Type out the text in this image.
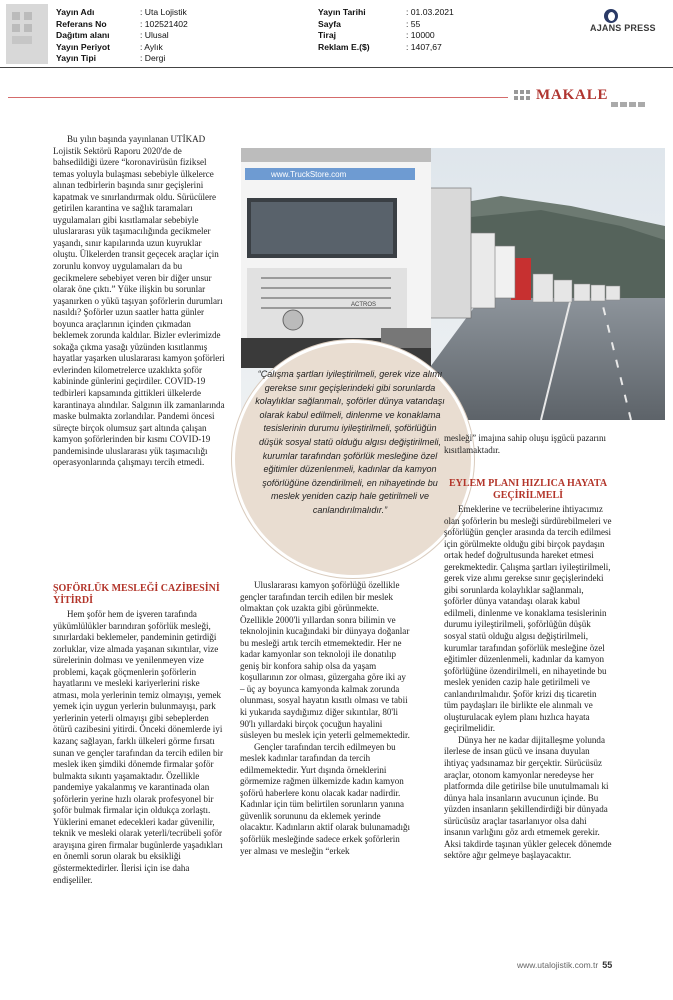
Yayın Adı	: Uta Lojistik
Referans No	: 102521402
Dağıtım alanı	: Ulusal
Yayın Periyot	: Aylık
Yayın Tipi	: Dergi
Yayın Tarihi	: 01.03.2021
Sayfa	: 55
Tiraj	: 10000
Reklam E.($)	: 1407,67
AJANS PRESS
MAKALE
www.TruckStore.com
ACTROS
“Çalışma şartları iyileştirilmeli, gerek vize alımı gerekse sınır geçişlerindeki gibi sorunlarda kolaylıklar sağlanmalı, şoförler dünya vatandaşı olarak kabul edilmeli, dinlenme ve konaklama tesislerinin durumu iyileştirilmeli, şoförlüğün düşük sosyal statü olduğu algısı değiştirilmeli, kurumlar tarafından şoförlük mesleğine özel eğitimler düzenlenmeli, kadınlar da kamyon şoförlüğüne özendirilmeli, en nihayetinde bu meslek yeniden cazip hale getirilmeli ve canlandırılmalıdır.”

Bu yılın başında yayınlanan UTİKAD Lojistik Sektörü Raporu 2020'de de bahsedildiği üzere “koronavirüsün fiziksel temas yoluyla bulaşması sebebiyle ülkelerce alınan tedbirlerin başında sınır geçişlerini kapatmak ve sınırlandırmak oldu. Sürücülere getirilen karantina ve sağlık taramaları uygulamaları gibi kısıtlamalar sebebiyle uluslararası yük taşımacılığında gecikmeler yaşandı, sınır kapılarında uzun kuyruklar oluştu. Ülkelerden transit geçecek araçlar için zorunlu konvoy uygulamaları da bu gecikmelere sebebiyet veren bir diğer unsur olarak öne çıktı.” Yüke ilişkin bu sorunlar yaşanırken o yükü taşıyan şoförlerin durumları nasıldı? Şoförler uzun saatler hatta günler boyunca araçlarının içinden çıkmadan beklemek zorunda kaldılar. Bizler evlerimizde sokağa çıkma yasağı yüzünden kısıtlanmış hayatlar yaşarken uluslararası kamyon şoförleri evlerinden kilometrelerce uzaklıkta şoför kabininde günlerini geçirdiler. COVID-19 tedbirleri kapsamında gittikleri ülkelerde karantinaya alındılar. Salgının ilk zamanlarında maske bulmakta zorlandılar. Pandemi öncesi süreçte birçok olumsuz şart altında çalışan kamyon şoförlerinden bir kısmı COVID-19 pandemisinde uluslararası yük taşımacılığı operasyonlarında çalışmayı tercih etmedi.

ŞOFÖRLÜK MESLEĞİ CAZİBESİNİ YİTİRDİ

Hem şoför hem de işveren tarafında yükümlülükler barındıran şoförlük mesleği, sınırlardaki beklemeler, pandeminin getirdiği zorluklar, vize almada yaşanan sıkıntılar, vize sürelerinin dolması ve yenilenmeyen vize problemi, kaçak göçmenlerin şoförlerin hayatlarını ve mesleki kariyerlerini riske atması, mola yerlerinin temiz olmayışı, yemek yemek için uygun yerlerin bulunmayışı, park yerlerinin yeterli olmayışı gibi sebeplerden ötürü cazibesini yitirdi. Önceki dönemlerde iyi kazanç sağlayan, farklı ülkeleri görme fırsatı sunan ve gençler tarafından da tercih edilen bir meslek iken şimdiki dönemde firmalar şoför bulmakta sıkıntı yaşamaktadır. Özellikle pandemiye yakalanmış ve karantinada olan şoförlerin yerine hızlı olarak profesyonel bir şoför bulmak firmalar için oldukça zorlaştı. Yüklerini emanet edecekleri kadar güvenilir, teknik ve mesleki olarak yeterli/tecrübeli şoför arayışına giren firmalar bugünlerde yaşadıkları en önemli sorun olarak bu eksikliği göstermektedirler. İlerisi için ise daha endişeliler.

Uluslararası kamyon şoförlüğü özellikle gençler tarafından tercih edilen bir meslek olmaktan çok uzakta gibi görünmekte. Özellikle 2000'li yıllardan sonra bilimin ve teknolojinin kucağındaki bir dünyaya doğanlar bu mesleği artık tercih etmemektedir. Her ne kadar kamyonlar son teknoloji ile donatılıp geniş bir konfora sahip olsa da yaşam koşullarının zor olması, güzergaha göre iki ay – üç ay boyunca kamyonda kalmak zorunda olunması, sosyal hayatın kısıtlı olması ve tabii ki yukarıda saydığımız diğer sıkıntılar, 80'li 90'lı yıllardaki birçok çocuğun hayalini süsleyen bu meslek için yeterli gelmemektedir.

Gençler tarafından tercih edilmeyen bu meslek kadınlar tarafından da tercih edilmemektedir. Yurt dışında örneklerini görmemize rağmen ülkemizde kadın kamyon şoförü haberlere konu olacak kadar nadirdir. Kadınlar için tüm belirtilen sorunların yanına güvenlik sorununu da eklemek yerinde olacaktır. Kadınların aktif olarak bulunamadığı şoförlük mesleğinde sadece erkek şoförlerin yer alması ve mesleğin “erkek

mesleği” imajına sahip oluşu işgücü pazarını kısıtlamaktadır.

EYLEM PLANI HIZLICA HAYATA GEÇİRİLMELİ

Emeklerine ve tecrübelerine ihtiyacımız olan şoförlerin bu mesleği sürdürebilmeleri ve şoförlüğün gençler arasında da tercih edilmesi için görülmekte olduğu gibi birçok paydaşın ortak hedef doğrultusunda hareket etmesi gerekmektedir. Çalışma şartları iyileştirilmeli, gerek vize alımı gerekse sınır geçişlerindeki gibi sorunlarda kolaylıklar sağlanmalı, şoförler dünya vatandaşı olarak kabul edilmeli, dinlenme ve konaklama tesislerinin durumu iyileştirilmeli, şoförlüğün düşük sosyal statü olduğu algısı değiştirilmeli, kurumlar tarafından şoförlük mesleğine özel eğitimler düzenlenmeli, kadınlar da kamyon şoförlüğüne özendirilmeli, en nihayetinde bu meslek yeniden cazip hale getirilmeli ve canlandırılmalıdır. Şoför krizi dış ticaretin tüm paydaşları ile birlikte ele alınmalı ve oluşturulacak eylem planı hızlıca hayata geçirilmelidir.

Dünya her ne kadar dijitalleşme yolunda ilerlese de insan gücü ve insana duyulan ihtiyaç yadsınamaz bir gerçektir. Sürücüsüz araçlar, otonom kamyonlar neredeyse her platformda dile getirilse bile unutulmamalı ki dünya hala insanların avucunun içinde. Bu yüzden insanların şekillendirdiği bir dünyada sürücüsüz araçlar tasarlanıyor olsa dahi insanın varlığını göz ardı etmemek gerekir. Aksi takdirde taşınan yükler gelecek dönemde sektöre ağır gelmeye başlayacaktır.

www.utalojistik.com.tr 55
